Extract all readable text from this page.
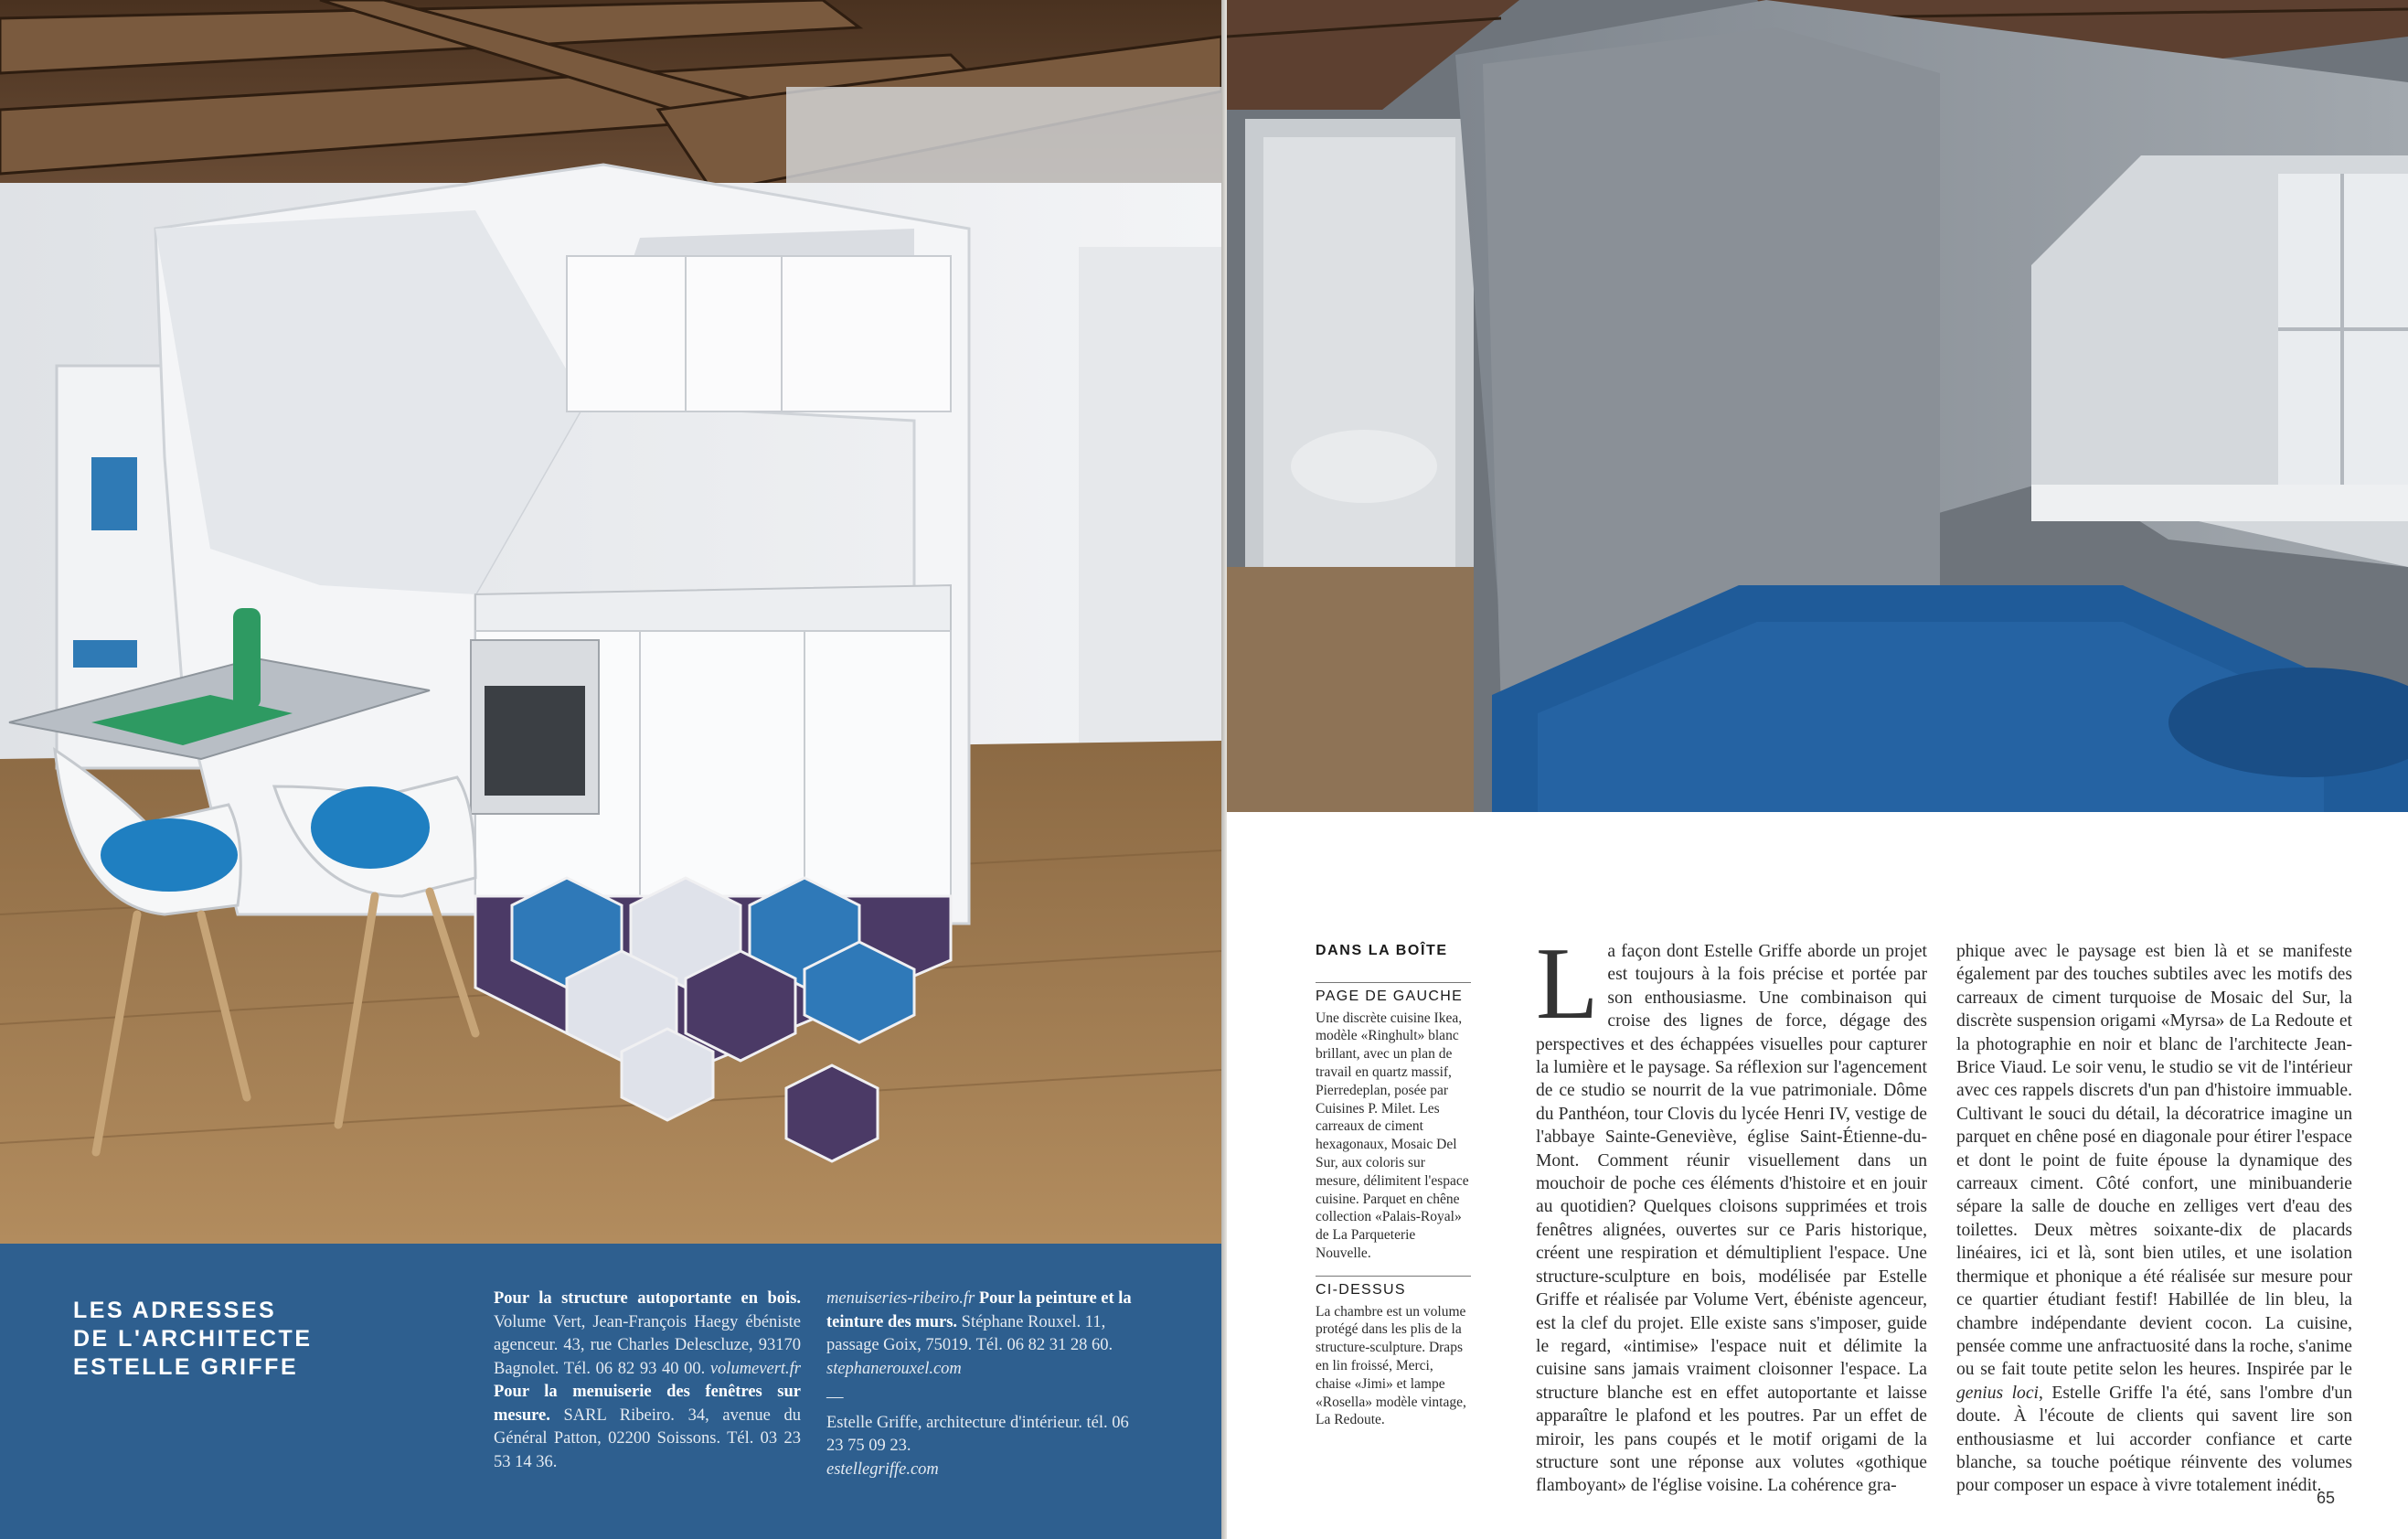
LES ADRESSES
DE L'ARCHITECTE
ESTELLE GRIFFE
Pour la structure autoportante en bois. Volume Vert, Jean-François Haegy ébéniste agenceur. 43, rue Charles Delescluze, 93170 Bagnolet. Tél. 06 82 93 40 00. volumevert.fr Pour la menuiserie des fenêtres sur mesure. SARL Ribeiro. 34, avenue du Général Patton, 02200 Soissons. Tél. 03 23 53 14 36.
menuiseries-ribeiro.fr Pour la peinture et la teinture des murs. Stéphane Rouxel. 11, passage Goix, 75019. Tél. 06 82 31 28 60.
stephanerouxel.com
—
Estelle Griffe, architecture d'intérieur. tél. 06 23 75 09 23.
estellegriffe.com
DANS LA BOÎTE
PAGE DE GAUCHE
Une discrète cuisine Ikea, modèle «Ringhult» blanc brillant, avec un plan de travail en quartz massif, Pierredeplan, posée par Cuisines P. Milet. Les carreaux de ciment hexagonaux, Mosaic Del Sur, aux coloris sur mesure, délimitent l'espace cuisine. Parquet en chêne collection «Palais-Royal» de La Parqueterie Nouvelle.
CI-DESSUS
La chambre est un volume protégé dans les plis de la structure-sculpture. Draps en lin froissé, Merci, chaise «Jimi» et lampe «Rosella» modèle vintage, La Redoute.
La façon dont Estelle Griffe aborde un projet est toujours à la fois précise et portée par son enthousiasme. Une combinaison qui croise des lignes de force, dégage des perspectives et des échappées visuelles pour capturer la lumière et le paysage. Sa réflexion sur l'agencement de ce studio se nourrit de la vue patrimoniale. Dôme du Panthéon, tour Clovis du lycée Henri IV, vestige de l'abbaye Sainte-Geneviève, église Saint-Étienne-du-Mont. Comment réunir visuellement dans un mouchoir de poche ces éléments d'histoire et en jouir au quotidien? Quelques cloisons supprimées et trois fenêtres alignées, ouvertes sur ce Paris historique, créent une respiration et démultiplient l'espace. Une structure-sculpture en bois, modélisée par Estelle Griffe et réalisée par Volume Vert, ébéniste agenceur, est la clef du projet. Elle existe sans s'imposer, guide le regard, «intimise» l'espace nuit et délimite la cuisine sans jamais vraiment cloisonner l'espace. La structure blanche est en effet autoportante et laisse apparaître le plafond et les poutres. Par un effet de miroir, les pans coupés et le motif origami de la structure sont une réponse aux volutes «gothique flamboyant» de l'église voisine. La cohérence gra-
phique avec le paysage est bien là et se manifeste également par des touches subtiles avec les motifs des carreaux de ciment turquoise de Mosaic del Sur, la discrète suspension origami «Myrsa» de La Redoute et la photographie en noir et blanc de l'architecte Jean-Brice Viaud. Le soir venu, le studio se vit de l'intérieur avec ces rappels discrets d'un pan d'histoire immuable. Cultivant le souci du détail, la décoratrice imagine un parquet en chêne posé en diagonale pour étirer l'espace et dont le point de fuite épouse la dynamique des carreaux ciment. Côté confort, une minibuanderie sépare la salle de douche en zelliges vert d'eau des toilettes. Deux mètres soixante-dix de placards linéaires, ici et là, sont bien utiles, et une isolation thermique et phonique a été réalisée sur mesure pour ce quartier étudiant festif! Habillée de lin bleu, la chambre indépendante devient cocon. La cuisine, pensée comme une anfractuosité dans la roche, s'anime ou se fait toute petite selon les heures. Inspirée par le genius loci, Estelle Griffe l'a été, sans l'ombre d'un doute. À l'écoute de clients qui savent lire son enthousiasme et lui accorder confiance et carte blanche, sa touche poétique réinvente des volumes pour composer un espace à vivre totalement inédit.
65
